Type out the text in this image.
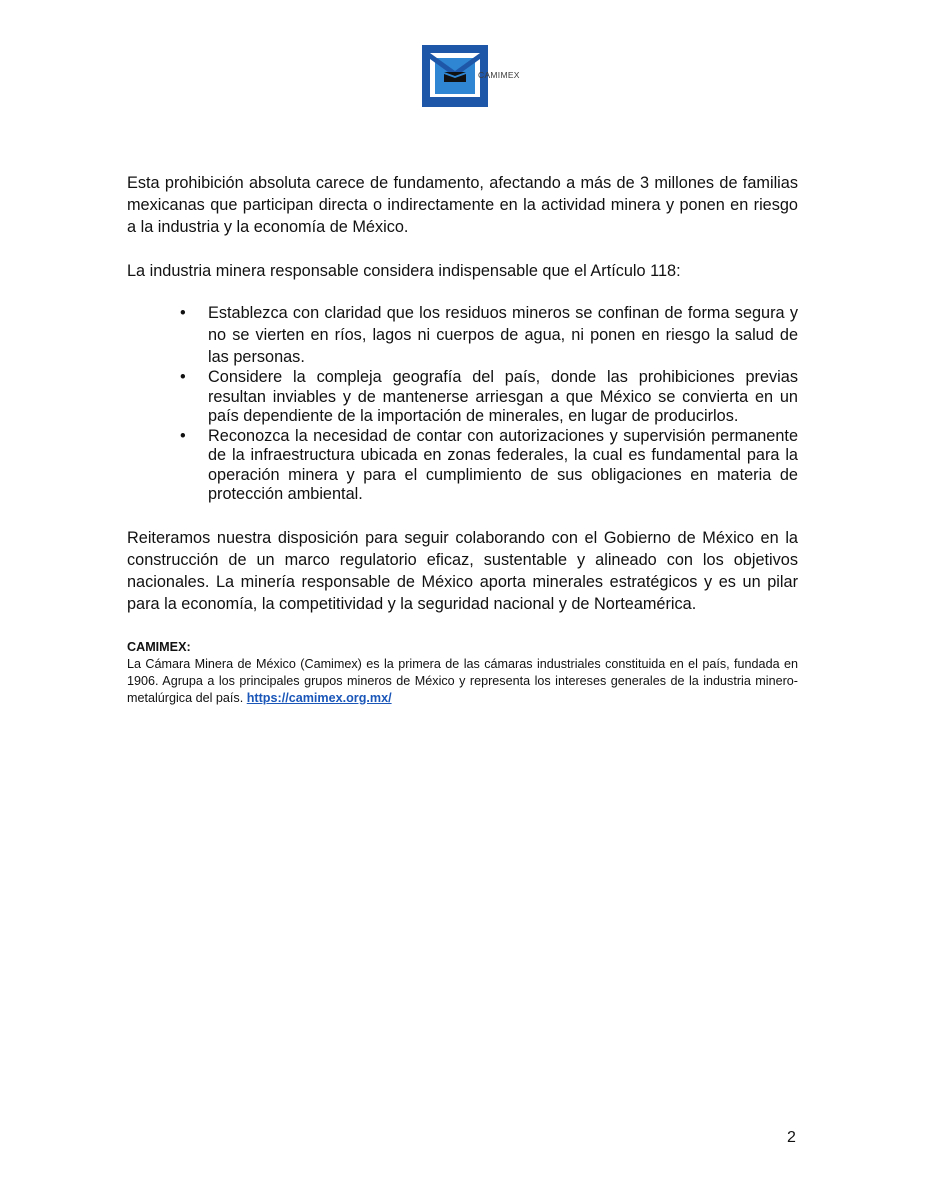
CAMIMEX

Esta prohibición absoluta carece de fundamento, afectando a más de 3 millones de familias mexicanas que participan directa o indirectamente en la actividad minera y ponen en riesgo a la industria y la economía de México.

La industria minera responsable considera indispensable que el Artículo 118:

• Establezca con claridad que los residuos mineros se confinan de forma segura y no se vierten en ríos, lagos ni cuerpos de agua, ni ponen en riesgo la salud de las personas.
• Considere la compleja geografía del país, donde las prohibiciones previas resultan inviables y de mantenerse arriesgan a que México se convierta en un país dependiente de la importación de minerales, en lugar de producirlos.
• Reconozca la necesidad de contar con autorizaciones y supervisión permanente de la infraestructura ubicada en zonas federales, la cual es fundamental para la operación minera y para el cumplimiento de sus obligaciones en materia de protección ambiental.

Reiteramos nuestra disposición para seguir colaborando con el Gobierno de México en la construcción de un marco regulatorio eficaz, sustentable y alineado con los objetivos nacionales. La minería responsable de México aporta minerales estratégicos y es un pilar para la economía, la competitividad y la seguridad nacional y de Norteamérica.

CAMIMEX:
La Cámara Minera de México (Camimex) es la primera de las cámaras industriales constituida en el país, fundada en 1906. Agrupa a los principales grupos mineros de México y representa los intereses generales de la industria minero-metalúrgica del país. https://camimex.org.mx/
2
